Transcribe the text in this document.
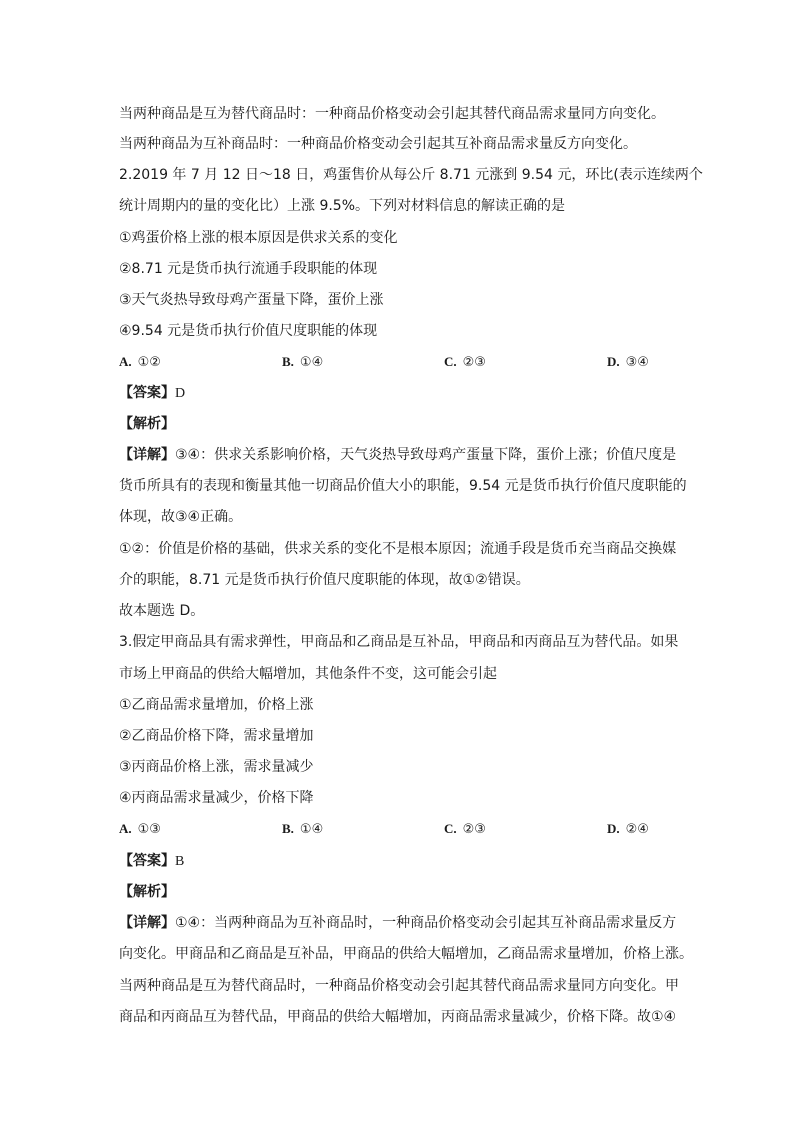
当两种商品是互为替代商品时：一种商品价格变动会引起其替代商品需求量同方向变化。
当两种商品为互补商品时：一种商品价格变动会引起其互补商品需求量反方向变化。
2.2019 年 7 月 12 日～18 日，鸡蛋售价从每公斤 8.71 元涨到 9.54 元，环比(表示连续两个
统计周期内的量的变化比）上涨 9.5%。下列对材料信息的解读正确的是
①鸡蛋价格上涨的根本原因是供求关系的变化
②8.71 元是货币执行流通手段职能的体现
③天气炎热导致母鸡产蛋量下降，蛋价上涨
④9.54 元是货币执行价值尺度职能的体现
A. ①②	B. ①④	C. ②③	D. ③④
【答案】D
【解析】
【详解】③④：供求关系影响价格，天气炎热导致母鸡产蛋量下降，蛋价上涨；价值尺度是
货币所具有的表现和衡量其他一切商品价值大小的职能，9.54 元是货币执行价值尺度职能的
体现，故③④正确。
①②：价值是价格的基础，供求关系的变化不是根本原因；流通手段是货币充当商品交换媒
介的职能，8.71 元是货币执行价值尺度职能的体现，故①②错误。
故本题选 D。
3.假定甲商品具有需求弹性，甲商品和乙商品是互补品，甲商品和丙商品互为替代品。如果
市场上甲商品的供给大幅增加，其他条件不变，这可能会引起
①乙商品需求量增加，价格上涨
②乙商品价格下降，需求量增加
③丙商品价格上涨，需求量减少
④丙商品需求量减少，价格下降
A. ①③	B. ①④	C. ②③	D. ②④
【答案】B
【解析】
【详解】①④：当两种商品为互补商品时，一种商品价格变动会引起其互补商品需求量反方
向变化。甲商品和乙商品是互补品，甲商品的供给大幅增加，乙商品需求量增加，价格上涨。
当两种商品是互为替代商品时，一种商品价格变动会引起其替代商品需求量同方向变化。甲
商品和丙商品互为替代品，甲商品的供给大幅增加，丙商品需求量减少，价格下降。故①④
